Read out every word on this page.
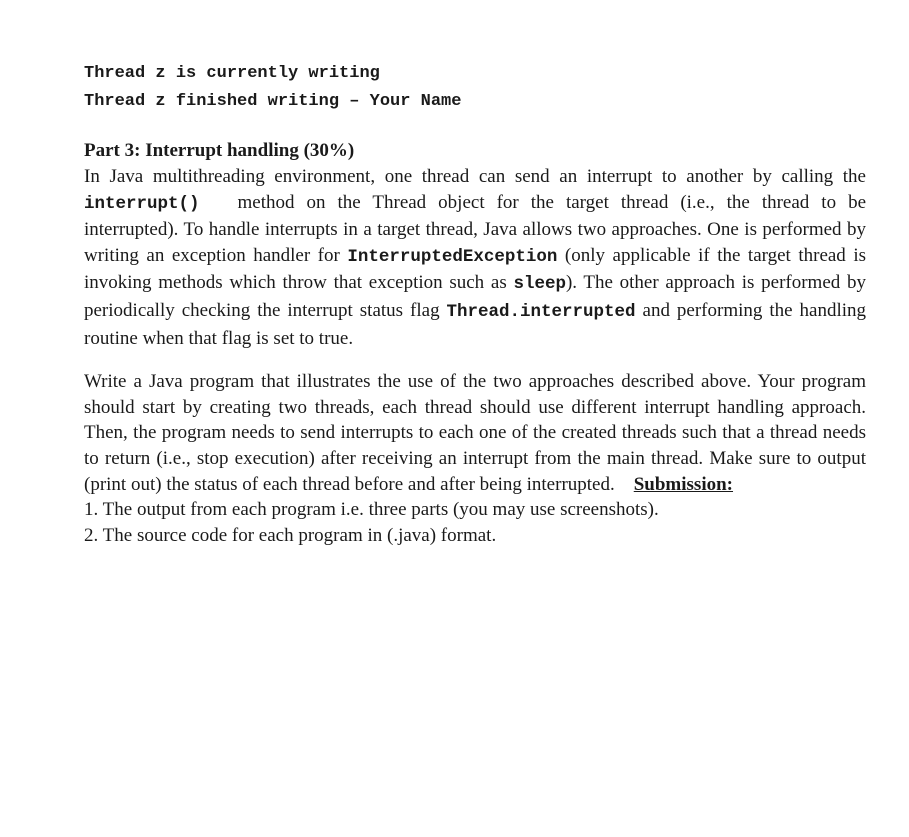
Thread z is currently writing

Thread z finished writing – Your Name

Part 3: Interrupt handling (30%)

In Java multithreading environment, one thread can send an interrupt to another by calling the interrupt() method on the Thread object for the target thread (i.e., the thread to be interrupted). To handle interrupts in a target thread, Java allows two approaches. One is performed by writing an exception handler for InterruptedException (only applicable if the target thread is invoking methods which throw that exception such as sleep). The other approach is performed by periodically checking the interrupt status flag Thread.interrupted and performing the handling routine when that flag is set to true.

Write a Java program that illustrates the use of the two approaches described above. Your program should start by creating two threads, each thread should use different interrupt handling approach. Then, the program needs to send interrupts to each one of the created threads such that a thread needs to return (i.e., stop execution) after receiving an interrupt from the main thread. Make sure to output (print out) the status of each thread before and after being interrupted. Submission:

1. The output from each program i.e. three parts (you may use screenshots).

2. The source code for each program in (.java) format.
